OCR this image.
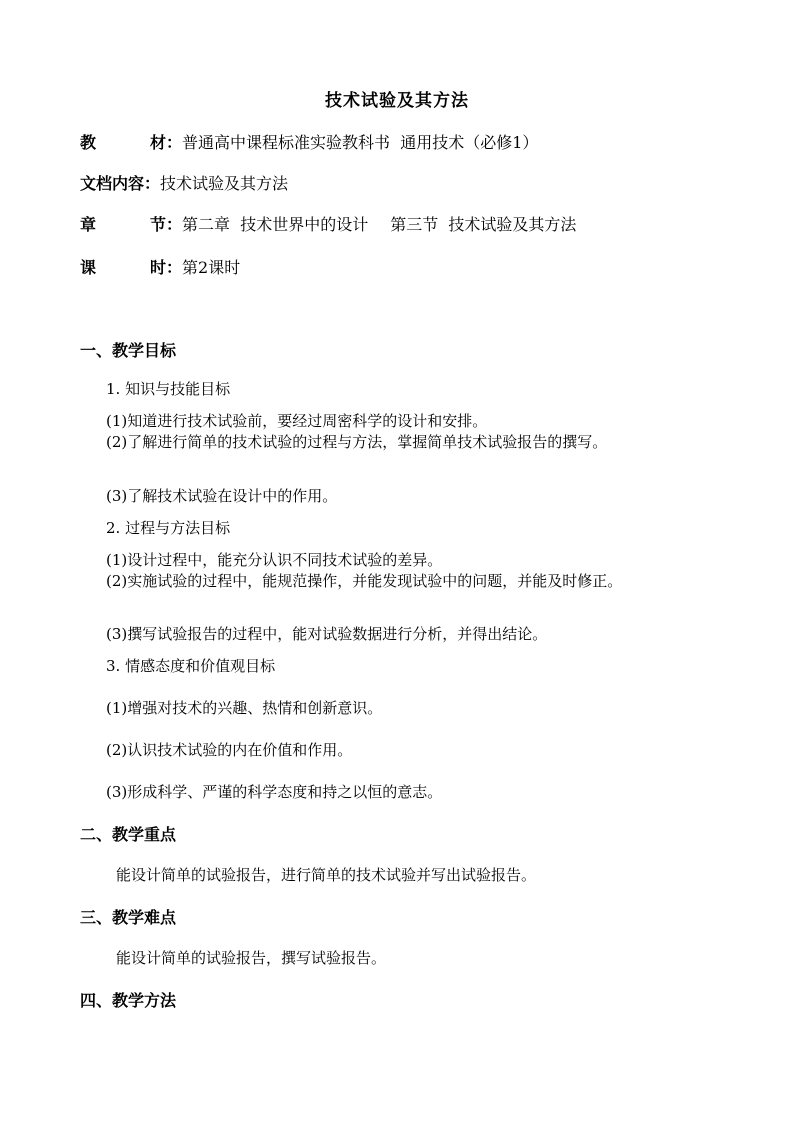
技术试验及其方法
教材：普通高中课程标准实验教科书  通用技术（必修1）
文档内容：技术试验及其方法
章节：第二章  技术世界中的设计 第三节  技术试验及其方法
课时：第2课时
一、教学目标
1. 知识与技能目标
(1)知道进行技术试验前，要经过周密科学的设计和安排。
(2)了解进行简单的技术试验的过程与方法，掌握简单技术试验报告的撰写。
(3)了解技术试验在设计中的作用。
2. 过程与方法目标
(1)设计过程中，能充分认识不同技术试验的差异。
(2)实施试验的过程中，能规范操作，并能发现试验中的问题，并能及时修正。
(3)撰写试验报告的过程中，能对试验数据进行分析，并得出结论。
3. 情感态度和价值观目标
(1)增强对技术的兴趣、热情和创新意识。
(2)认识技术试验的内在价值和作用。
(3)形成科学、严谨的科学态度和持之以恒的意志。
二、教学重点
能设计简单的试验报告，进行简单的技术试验并写出试验报告。
三、教学难点
能设计简单的试验报告，撰写试验报告。
四、教学方法
